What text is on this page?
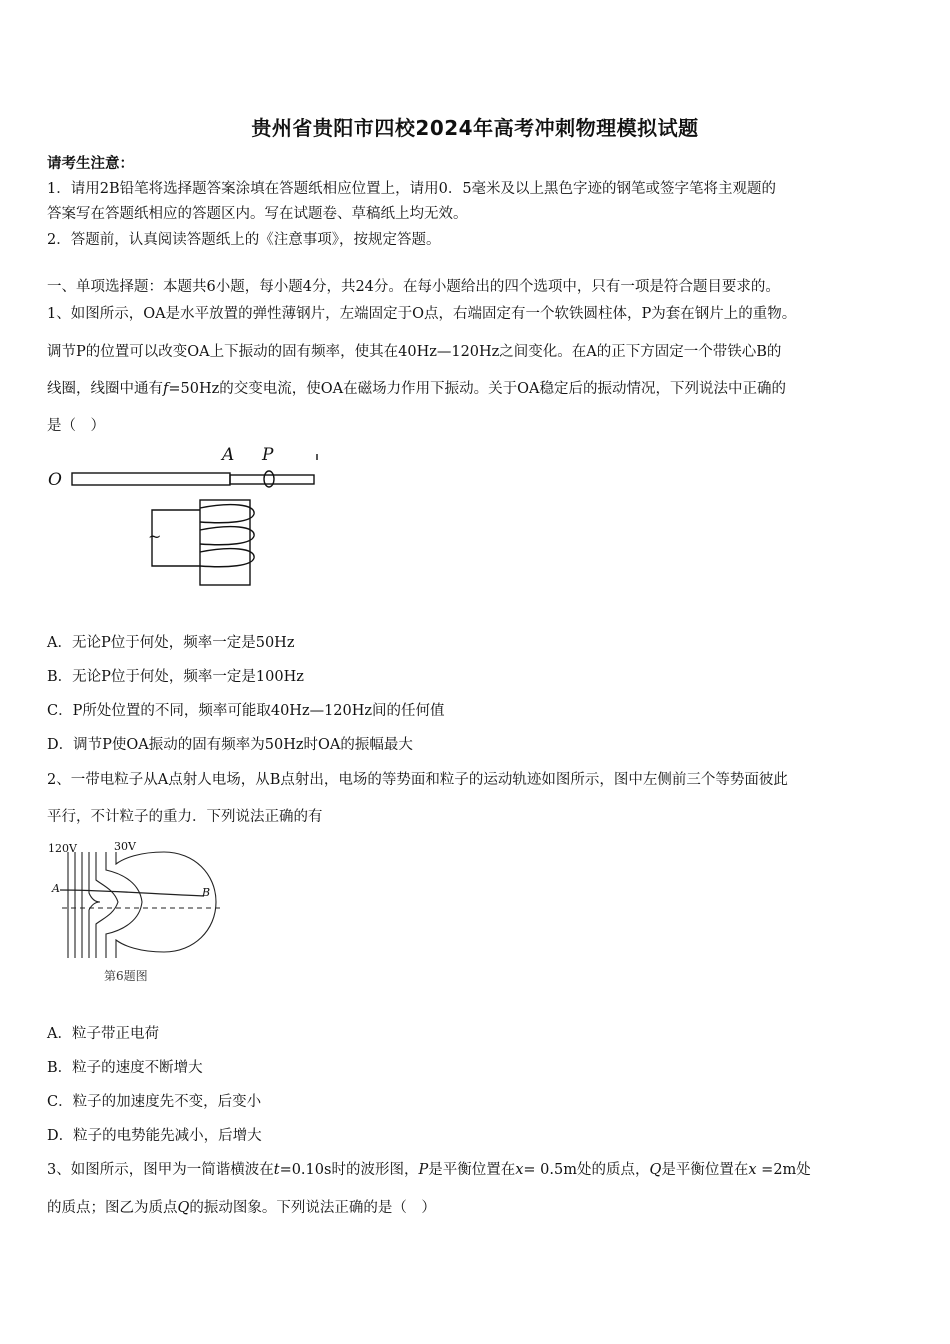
贵州省贵阳市四校2024年高考冲刺物理模拟试题
请考生注意：
1．请用2B铅笔将选择题答案涂填在答题纸相应位置上，请用0．5毫米及以上黑色字迹的钢笔或签字笔将主观题的
答案写在答题纸相应的答题区内。写在试题卷、草稿纸上均无效。
2．答题前，认真阅读答题纸上的《注意事项》，按规定答题。
一、单项选择题：本题共6小题，每小题4分，共24分。在每小题给出的四个选项中，只有一项是符合题目要求的。
1、如图所示，OA是水平放置的弹性薄钢片，左端固定于O点，右端固定有一个软铁圆柱体，P为套在钢片上的重物。
调节P的位置可以改变OA上下振动的固有频率，使其在40Hz—120Hz之间变化。在A的正下方固定一个带铁心B的
线圈，线圈中通有f=50Hz的交变电流，使OA在磁场力作用下振动。关于OA稳定后的振动情况，下列说法中正确的
是（　）
O
A P
~
A．无论P位于何处，频率一定是50Hz
B．无论P位于何处，频率一定是100Hz
C．P所处位置的不同，频率可能取40Hz—120Hz间的任何值
D．调节P使OA振动的固有频率为50Hz时OA的振幅最大
2、一带电粒子从A点射人电场，从B点射出，电场的等势面和粒子的运动轨迹如图所示，图中左侧前三个等势面彼此
平行，不计粒子的重力．下列说法正确的有
120V	30V
A	B
第6题图
A．粒子带正电荷
B．粒子的速度不断增大
C．粒子的加速度先不变，后变小
D．粒子的电势能先减小，后增大
3、如图所示，图甲为一简谐横波在t=0.10s时的波形图，P是平衡位置在x= 0.5m处的质点，Q是平衡位置在x =2m处
的质点；图乙为质点Q的振动图象。下列说法正确的是（　）
